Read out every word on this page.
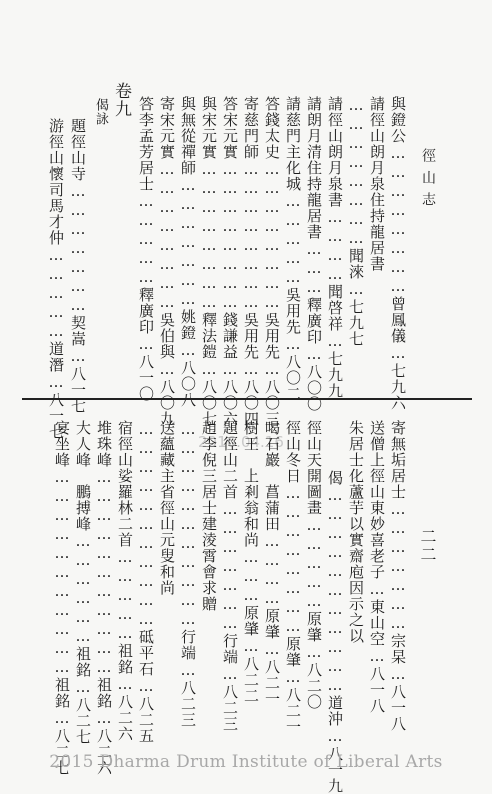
徑山志
二二
與鐙公……………………曾鳳儀…七九六
請徑山朗月泉住持龍居書
……………………聞淶…七九七
請徑山朗月泉書…………聞啓祥…七九九
請朗月清住持龍居書………釋廣印…八〇〇
請慈門主化城……………吳用先…八〇二
答錢太史……………………吳用先…八〇三
寄慈門師……………………吳用先…八〇四
答宋元實……………………錢謙益…八〇六
與宋元實……………………釋法鎧…八〇七
與無從禪師…………………姚鐙…八〇八
寄宋元實……………………吳伯與…八〇九
答李孟芳居士……………釋廣印…八一〇
卷九
偈詠
題徑山寺…………………契嵩…八一七
游徑山懷司馬才仲……………道潛…八一七
2016.04.16	寄無垢居士…………………宗杲…八一八
送僧上徑山東妙喜老子…東山空…八一八
朱居士化蘆芋以實齋庖因示之以
偈……………………………道沖…八一九
徑山天開圖畫……………原肇…八二〇
徑山冬日……………………原肇…八二一
喝石巖　菖蒲田…………原肇…八二一
樹王　上剎翁和尚………原肇…八二二
題徑山二首…………………行端…八二三
趙李倪三居士建淩霄會求贈
……………………………行端…八二三
送蘊藏主省徑山元叟和尚
……………………………砥平石…八二五
宿徑山娑羅林二首……………祖銘…八二六
堆珠峰……………………………祖銘…八二六
大人峰　鵬搏峰………………祖銘…八二七
宴坐峰……………………………祖銘…八二七
2015 Dharma Drum Institute of Liberal Arts
